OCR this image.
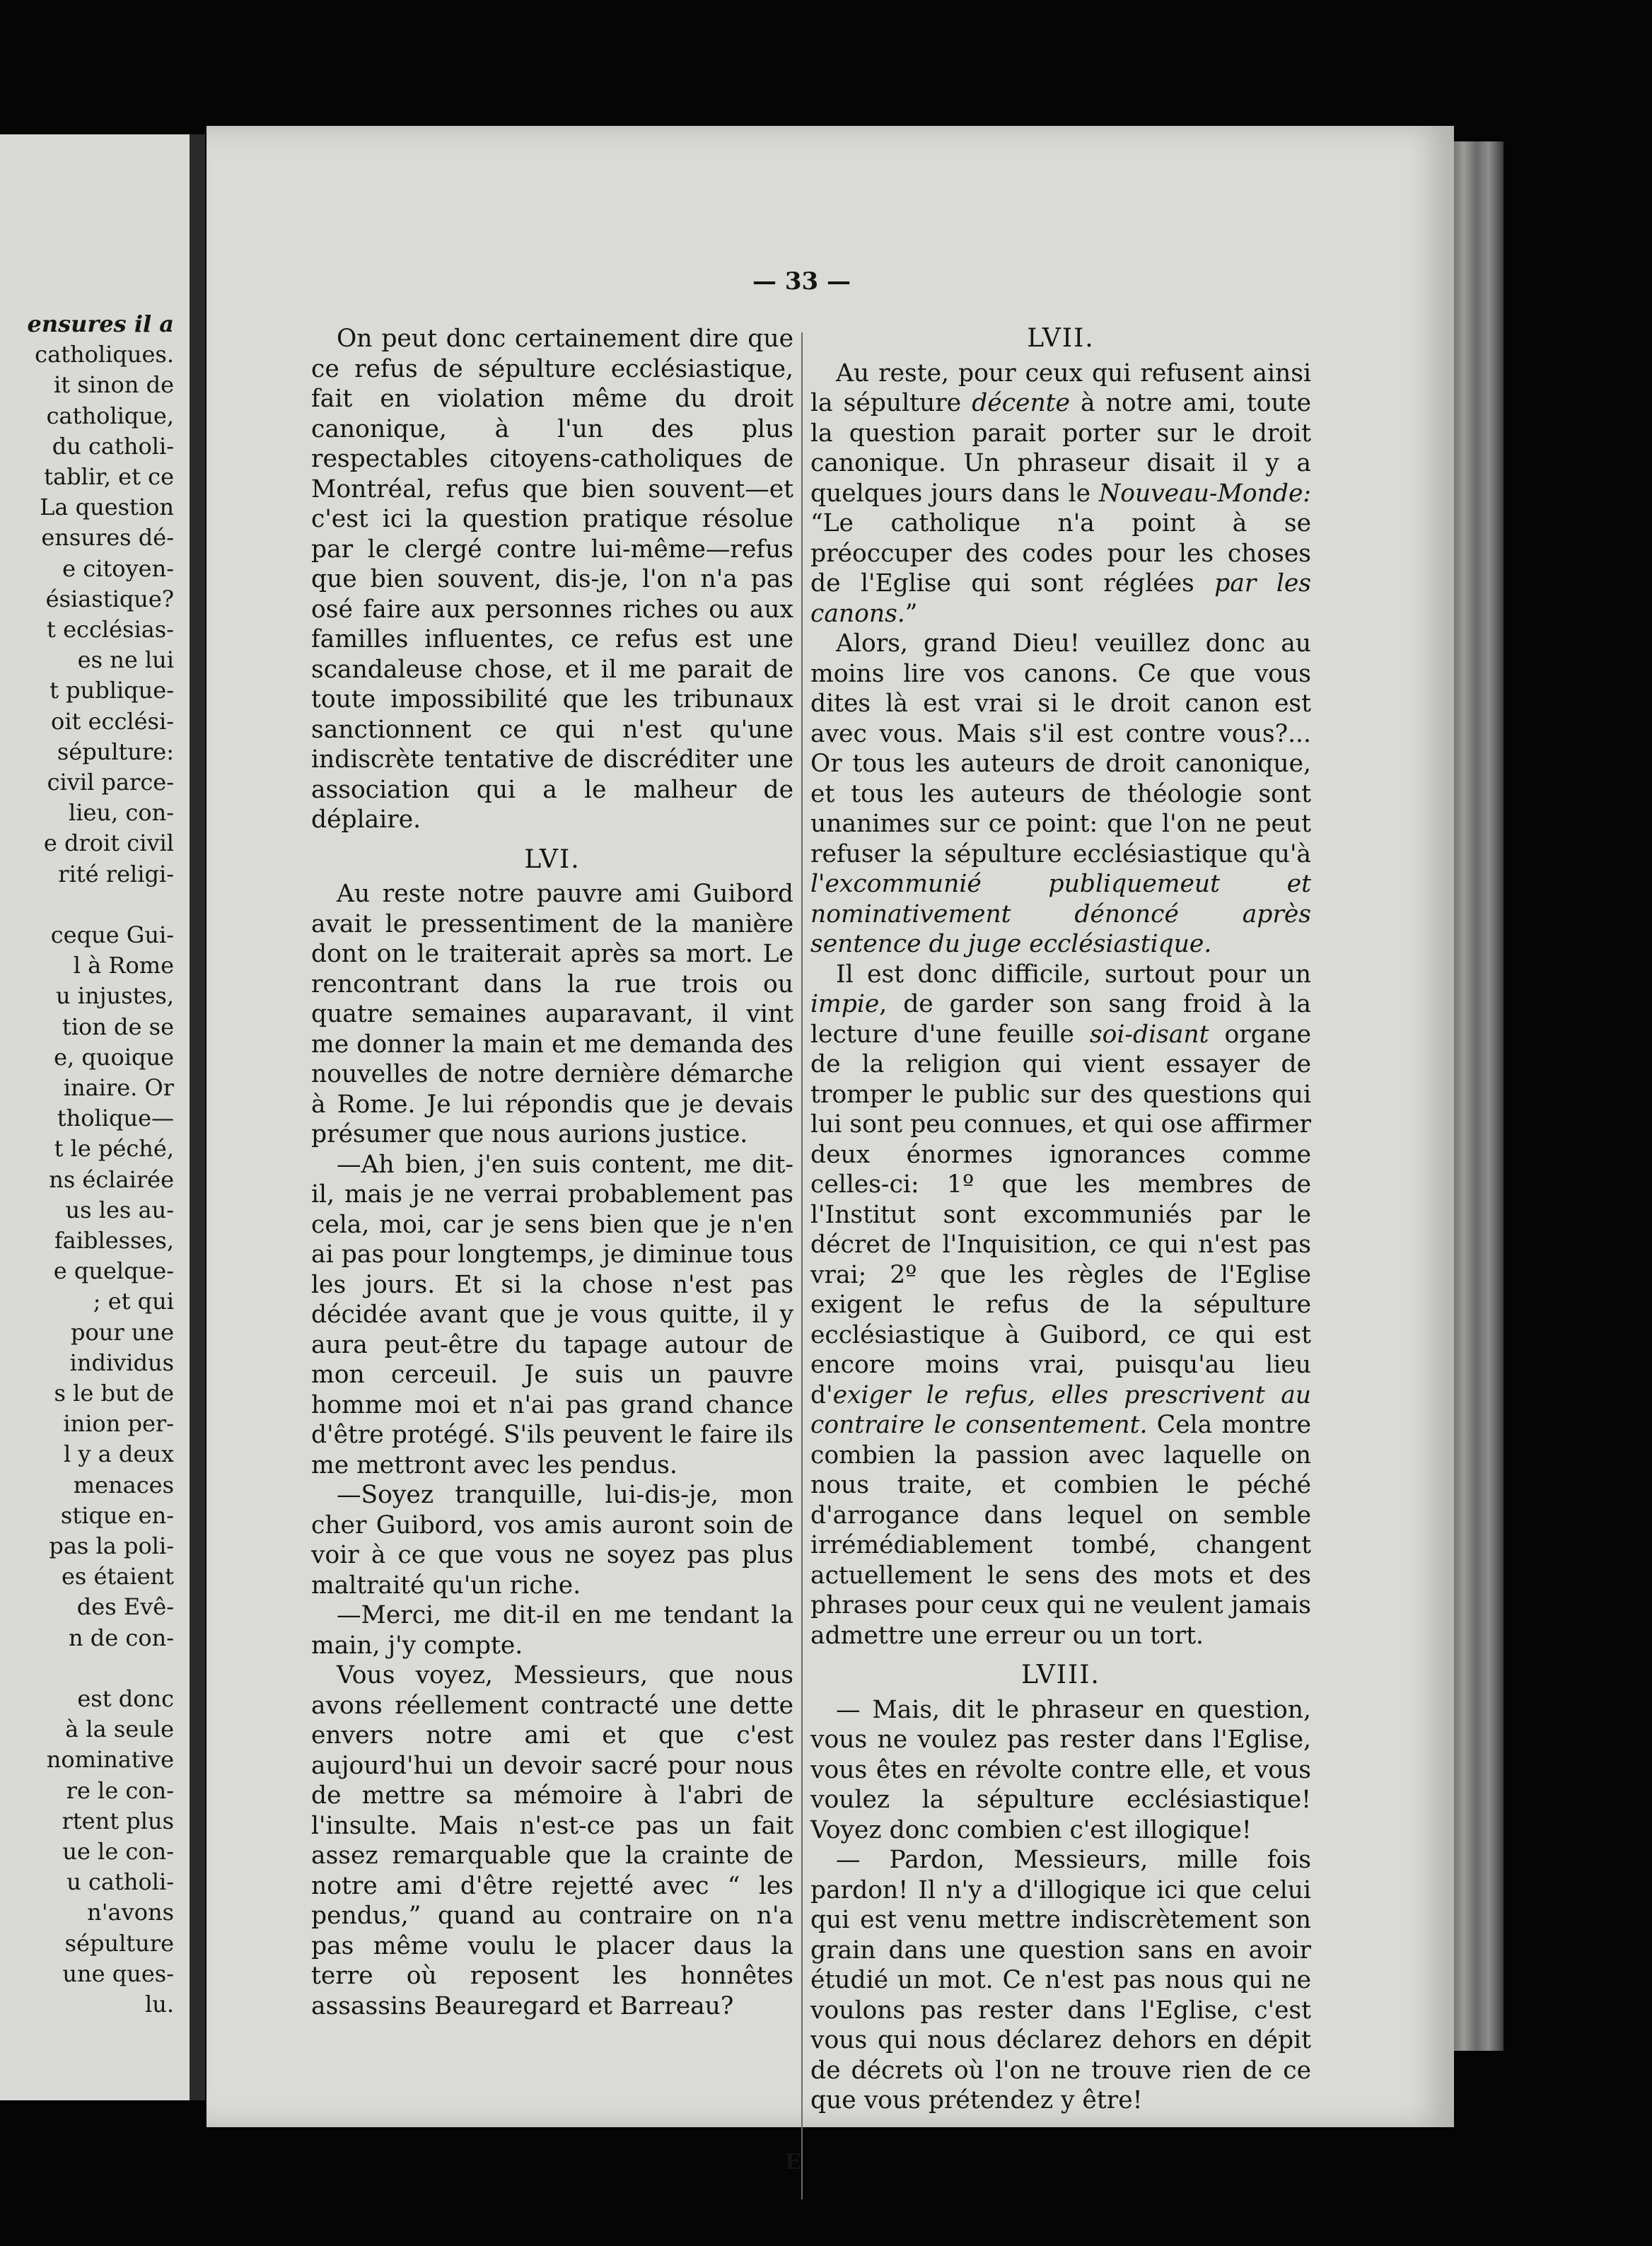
ensures il a
catholiques.
it sinon de
catholique,
du catholi-
tablir, et ce
La question
ensures dé-
e citoyen-
ésiastique?
t ecclésias-
es ne lui
t publique-
oit ecclési-
sépulture:
civil parce-
lieu, con-
e droit civil
rité religi-
ceque Gui-
l à Rome
u injustes,
tion de se
e, quoique
inaire. Or
tholique—
t le péché,
ns éclairée
us les au-
faiblesses,
e quelque-
; et qui
pour une
individus
s le but de
inion per-
l y a deux
menaces
stique en-
pas la poli-
es étaient
des Evê-
n de con-
est donc
à la seule
nominative
re le con-
rtent plus
ue le con-
u catholi-
n'avons
sépulture
une ques-
lu.
— 33 —

On peut donc certainement dire que ce refus de sépulture ecclésiastique, fait en violation même du droit canonique, à l'un des plus respectables citoyens-catholiques de Montréal, refus que bien souvent—et c'est ici la question pratique résolue par le clergé contre lui-même—refus que bien souvent, dis-je, l'on n'a pas osé faire aux personnes riches ou aux familles influentes, ce refus est une scandaleuse chose, et il me parait de toute impossibilité que les tribunaux sanctionnent ce qui n'est qu'une indiscrète tentative de discréditer une association qui a le malheur de déplaire.

LVI.

Au reste notre pauvre ami Guibord avait le pressentiment de la manière dont on le traiterait après sa mort. Le rencontrant dans la rue trois ou quatre semaines auparavant, il vint me donner la main et me demanda des nouvelles de notre dernière démarche à Rome. Je lui répondis que je devais présumer que nous aurions justice.

—Ah bien, j'en suis content, me dit-il, mais je ne verrai probablement pas cela, moi, car je sens bien que je n'en ai pas pour longtemps, je diminue tous les jours. Et si la chose n'est pas décidée avant que je vous quitte, il y aura peut-être du tapage autour de mon cerceuil. Je suis un pauvre homme moi et n'ai pas grand chance d'être protégé. S'ils peuvent le faire ils me mettront avec les pendus.

—Soyez tranquille, lui-dis-je, mon cher Guibord, vos amis auront soin de voir à ce que vous ne soyez pas plus maltraité qu'un riche.

—Merci, me dit-il en me tendant la main, j'y compte.

Vous voyez, Messieurs, que nous avons réellement contracté une dette envers notre ami et que c'est aujourd'hui un devoir sacré pour nous de mettre sa mémoire à l'abri de l'insulte. Mais n'est-ce pas un fait assez remarquable que la crainte de notre ami d'être rejetté avec “ les pendus,” quand au contraire on n'a pas même voulu le placer daus la terre où reposent les honnêtes assassins Beauregard et Barreau?

LVII.

Au reste, pour ceux qui refusent ainsi la sépulture décente à notre ami, toute la question parait porter sur le droit canonique. Un phraseur disait il y a quelques jours dans le Nouveau-Monde: “Le catholique n'a point à se préoccuper des codes pour les choses de l'Eglise qui sont réglées par les canons.”

Alors, grand Dieu! veuillez donc au moins lire vos canons. Ce que vous dites là est vrai si le droit canon est avec vous. Mais s'il est contre vous?... Or tous les auteurs de droit canonique, et tous les auteurs de théologie sont unanimes sur ce point: que l'on ne peut refuser la sépulture ecclésiastique qu'à l'excommunié publiquemeut et nominativement dénoncé après sentence du juge ecclésiastique.

Il est donc difficile, surtout pour un impie, de garder son sang froid à la lecture d'une feuille soi-disant organe de la religion qui vient essayer de tromper le public sur des questions qui lui sont peu connues, et qui ose affirmer deux énormes ignorances comme celles-ci: 1º que les membres de l'Institut sont excommuniés par le décret de l'Inquisition, ce qui n'est pas vrai; 2º que les règles de l'Eglise exigent le refus de la sépulture ecclésiastique à Guibord, ce qui est encore moins vrai, puisqu'au lieu d'exiger le refus, elles prescrivent au contraire le consentement. Cela montre combien la passion avec laquelle on nous traite, et combien le péché d'arrogance dans lequel on semble irrémédiablement tombé, changent actuellement le sens des mots et des phrases pour ceux qui ne veulent jamais admettre une erreur ou un tort.

LVIII.

— Mais, dit le phraseur en question, vous ne voulez pas rester dans l'Eglise, vous êtes en révolte contre elle, et vous voulez la sépulture ecclésiastique! Voyez donc combien c'est illogique!

— Pardon, Messieurs, mille fois pardon! Il n'y a d'illogique ici que celui qui est venu mettre indiscrètement son grain dans une question sans en avoir étudié un mot. Ce n'est pas nous qui ne voulons pas rester dans l'Eglise, c'est vous qui nous déclarez dehors en dépit de décrets où l'on ne trouve rien de ce que vous prétendez y être!

E
